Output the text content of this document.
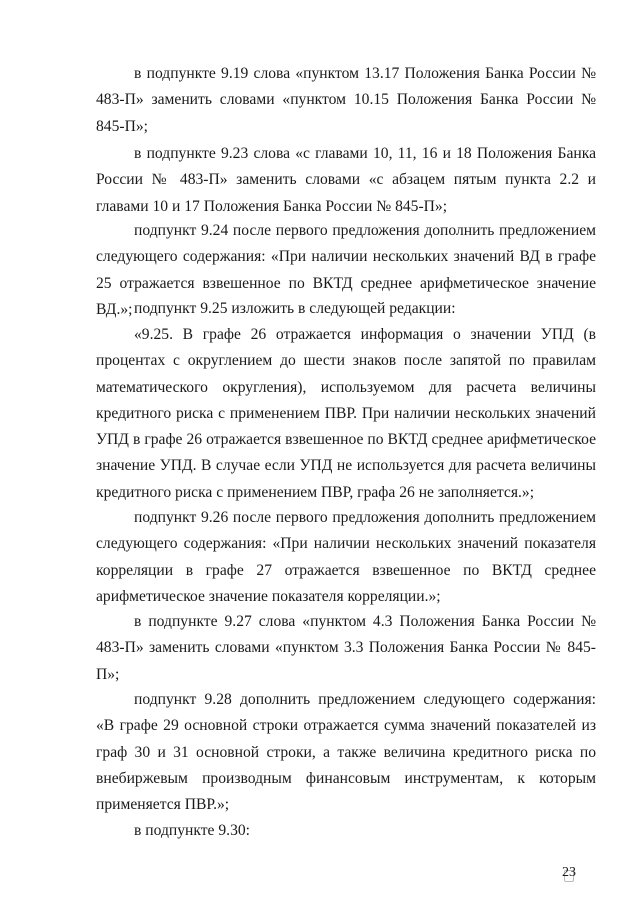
в подпункте 9.19 слова «пунктом 13.17 Положения Банка России № 483-П» заменить словами «пунктом 10.15 Положения Банка России № 845-П»;

в подпункте 9.23 слова «с главами 10, 11, 16 и 18 Положения Банка России № 483-П» заменить словами «с абзацем пятым пункта 2.2 и главами 10 и 17 Положения Банка России № 845-П»;

подпункт 9.24 после первого предложения дополнить предложением следующего содержания: «При наличии нескольких значений ВД в графе 25 отражается взвешенное по ВКТД среднее арифметическое значение ВД.»; подпункт 9.25 изложить в следующей редакции:

«9.25. В графе 26 отражается информация о значении УПД (в процентах с округлением до шести знаков после запятой по правилам математического округления), используемом для расчета величины кредитного риска с применением ПВР. При наличии нескольких значений УПД в графе 26 отражается взвешенное по ВКТД среднее арифметическое значение УПД. В случае если УПД не используется для расчета величины кредитного риска с применением ПВР, графа 26 не заполняется.»;

подпункт 9.26 после первого предложения дополнить предложением следующего содержания: «При наличии нескольких значений показателя корреляции в графе 27 отражается взвешенное по ВКТД среднее арифметическое значение показателя корреляции.»;

в подпункте 9.27 слова «пунктом 4.3 Положения Банка России № 483-П» заменить словами «пунктом 3.3 Положения Банка России № 845-П»;

подпункт 9.28 дополнить предложением следующего содержания: «В графе 29 основной строки отражается сумма значений показателей из граф 30 и 31 основной строки, а также величина кредитного риска по внебиржевым производным финансовым инструментам, к которым применяется ПВР.»;

в подпункте 9.30:

23
